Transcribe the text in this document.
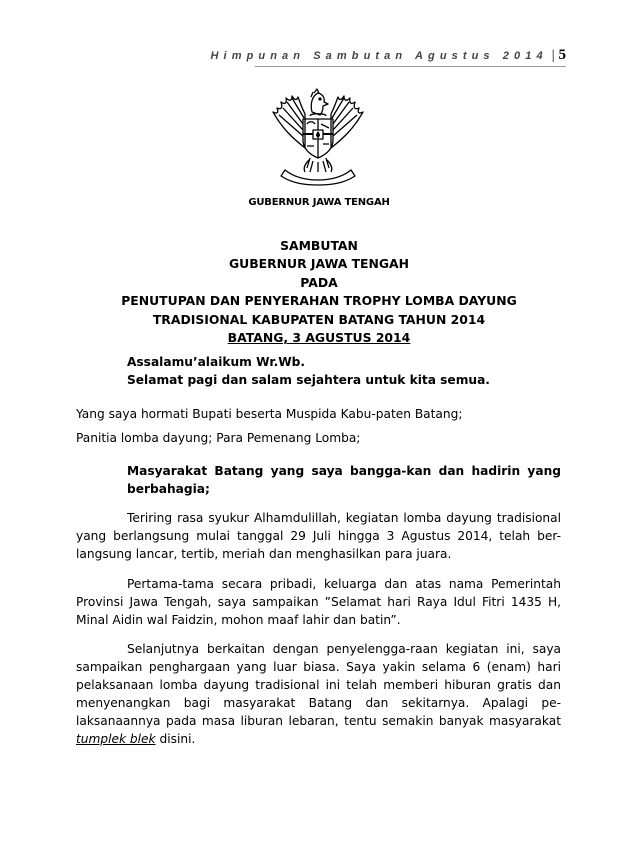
Himpunan Sambutan Agustus 2014 | 5
GUBERNUR JAWA TENGAH
SAMBUTAN
GUBERNUR JAWA TENGAH
PADA
PENUTUPAN DAN PENYERAHAN TROPHY LOMBA DAYUNG
TRADISIONAL KABUPATEN BATANG TAHUN 2014
BATANG, 3 AGUSTUS 2014
Assalamu’alaikum Wr.Wb.
Selamat pagi dan salam sejahtera untuk kita semua.
Yang saya hormati Bupati beserta Muspida Kabu-paten Batang;
Panitia lomba dayung; Para Pemenang Lomba;
Masyarakat Batang yang saya bangga-kan dan hadirin yang berbahagia;
Teriring rasa syukur Alhamdulillah, kegiatan lomba dayung tradisional yang berlangsung mulai tanggal 29 Juli hingga 3 Agustus 2014, telah ber-langsung lancar, tertib, meriah dan menghasilkan para juara.
Pertama-tama secara pribadi, keluarga dan atas nama Pemerintah Provinsi Jawa Tengah, saya sampaikan ”Selamat hari Raya Idul Fitri 1435 H, Minal Aidin wal Faidzin, mohon maaf lahir dan batin”.
Selanjutnya berkaitan dengan penyelengga-raan kegiatan ini, saya sampaikan penghargaan yang luar biasa. Saya yakin selama 6 (enam) hari pelaksanaan lomba dayung tradisional ini telah memberi hiburan gratis dan menyenangkan bagi masyarakat Batang dan sekitarnya. Apalagi pe-laksanaannya pada masa liburan lebaran, tentu semakin banyak masyarakat tumplek blek disini.
